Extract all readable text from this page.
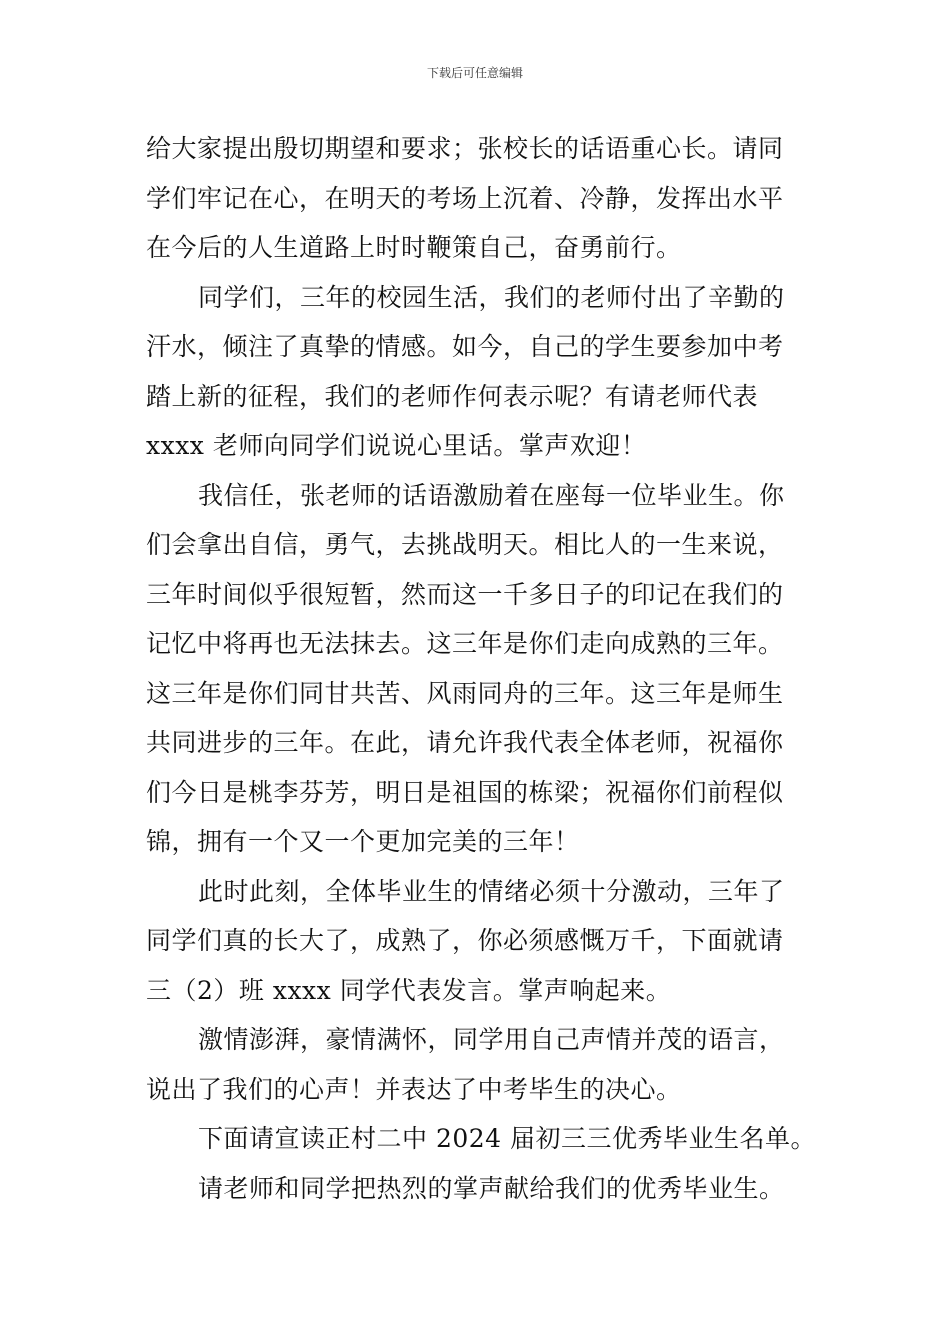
下载后可任意编辑
给大家提出殷切期望和要求；张校长的话语重心长。请同
学们牢记在心，在明天的考场上沉着、冷静，发挥出水平
在今后的人生道路上时时鞭策自己，奋勇前行。
同学们，三年的校园生活，我们的老师付出了辛勤的
汗水，倾注了真挚的情感。如今，自己的学生要参加中考
踏上新的征程，我们的老师作何表示呢？有请老师代表
xxxx 老师向同学们说说心里话。掌声欢迎！
我信任，张老师的话语激励着在座每一位毕业生。你
们会拿出自信，勇气，去挑战明天。相比人的一生来说，
三年时间似乎很短暂，然而这一千多日子的印记在我们的
记忆中将再也无法抹去。这三年是你们走向成熟的三年。
这三年是你们同甘共苦、风雨同舟的三年。这三年是师生
共同进步的三年。在此，请允许我代表全体老师，祝福你
们今日是桃李芬芳，明日是祖国的栋梁；祝福你们前程似
锦，拥有一个又一个更加完美的三年！
此时此刻，全体毕业生的情绪必须十分激动，三年了
同学们真的长大了，成熟了，你必须感慨万千，下面就请
三（2）班 xxxx 同学代表发言。掌声响起来。
激情澎湃，豪情满怀，同学用自己声情并茂的语言，
说出了我们的心声！并表达了中考毕生的决心。
下面请宣读正村二中 2024 届初三三优秀毕业生名单。
请老师和同学把热烈的掌声献给我们的优秀毕业生。
